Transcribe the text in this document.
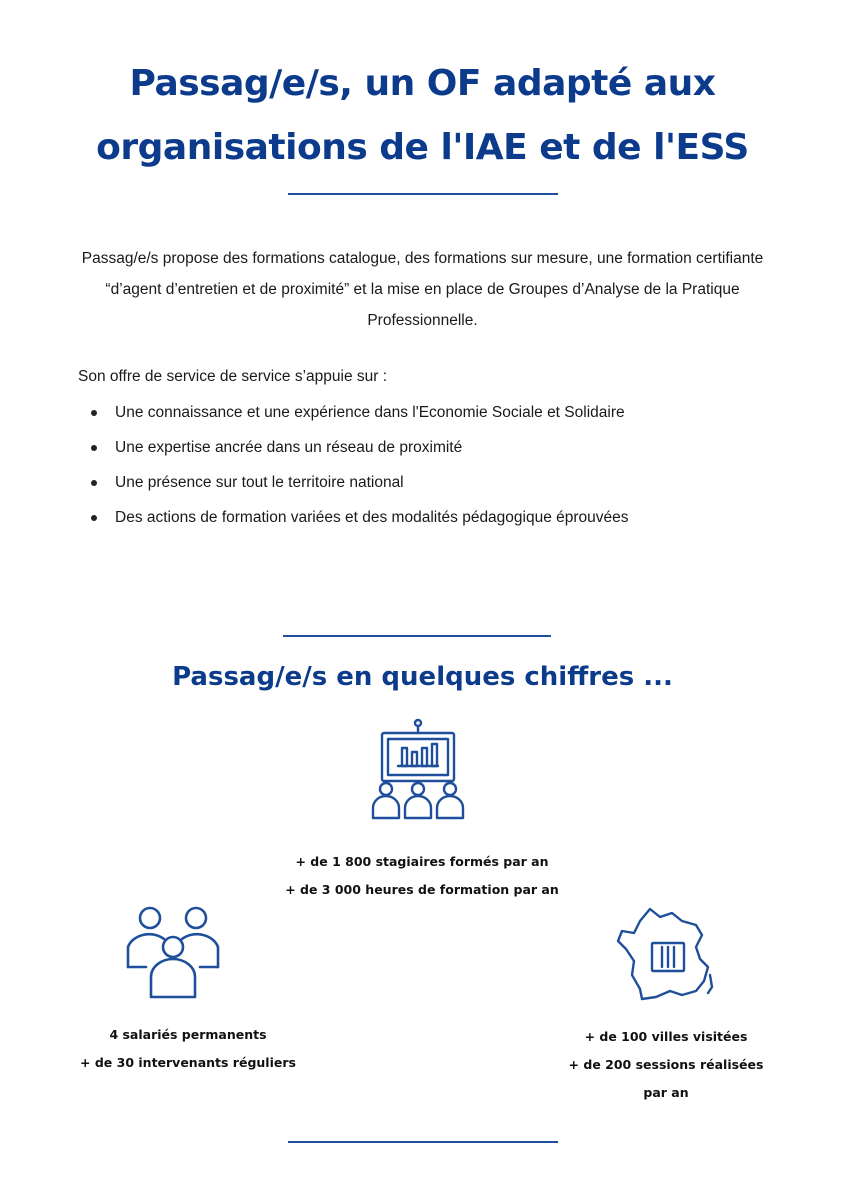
Passag/e/s, un OF adapté aux
organisations de l'IAE et de l'ESS
Passag/e/s propose des formations catalogue, des formations sur mesure, une formation certifiante “d’agent d’entretien et de proximité” et la mise en place de Groupes d’Analyse de la Pratique Professionnelle.
Son offre de service de service s’appuie sur :
Une connaissance et une expérience dans l'Economie Sociale et Solidaire
Une expertise ancrée dans un réseau de proximité
Une présence sur tout le territoire national
Des actions de formation variées et des modalités pédagogique éprouvées
Passag/e/s en quelques chiffres ...
+ de 1 800 stagiaires formés par an
+ de 3 000 heures de formation par an
4 salariés permanents
+ de 30 intervenants réguliers
+ de 100 villes visitées
+ de 200 sessions réalisées
par an
